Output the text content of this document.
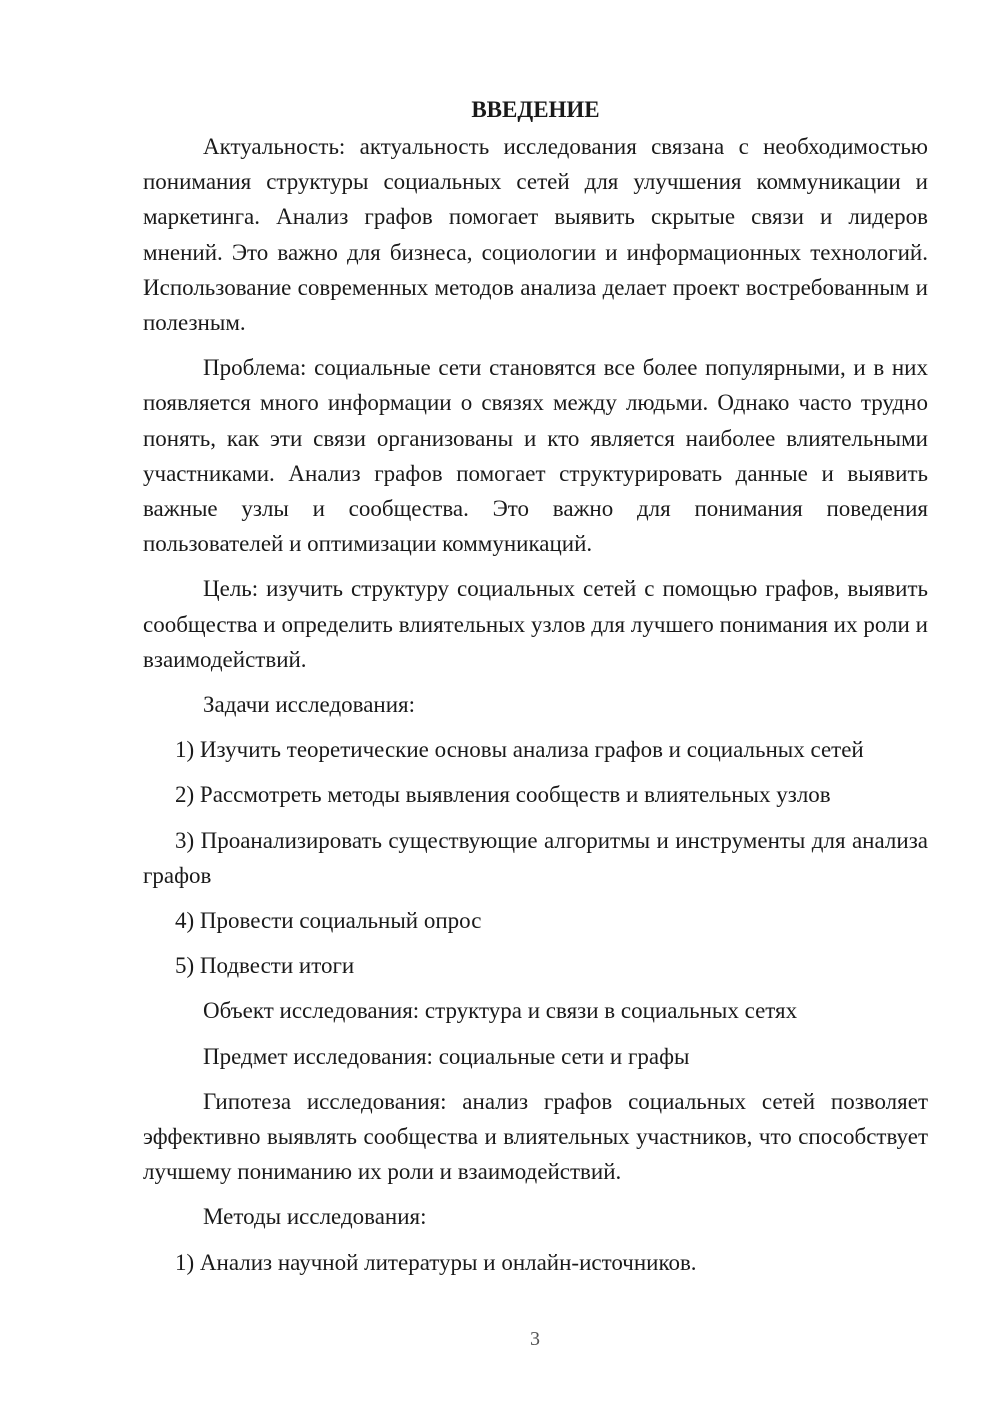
ВВЕДЕНИЕ

Актуальность: актуальность исследования связана с необходимостью понимания структуры социальных сетей для улучшения коммуникации и маркетинга. Анализ графов помогает выявить скрытые связи и лидеров мнений. Это важно для бизнеса, социологии и информационных технологий. Использование современных методов анализа делает проект востребованным и полезным.

Проблема: социальные сети становятся все более популярными, и в них появляется много информации о связях между людьми. Однако часто трудно понять, как эти связи организованы и кто является наиболее влиятельными участниками. Анализ графов помогает структурировать данные и выявить важные узлы и сообщества. Это важно для понимания поведения пользователей и оптимизации коммуникаций.

Цель: изучить структуру социальных сетей с помощью графов, выявить сообщества и определить влиятельных узлов для лучшего понимания их роли и взаимодействий.

Задачи исследования:

1) Изучить теоретические основы анализа графов и социальных сетей

2) Рассмотреть методы выявления сообществ и влиятельных узлов

3) Проанализировать существующие алгоритмы и инструменты для анализа графов

4) Провести социальный опрос

5) Подвести итоги

Объект исследования: структура и связи в социальных сетях

Предмет исследования: социальные сети и графы

Гипотеза исследования: анализ графов социальных сетей позволяет эффективно выявлять сообщества и влиятельных участников, что способствует лучшему пониманию их роли и взаимодействий.

Методы исследования:

1) Анализ научной литературы и онлайн-источников.

3
